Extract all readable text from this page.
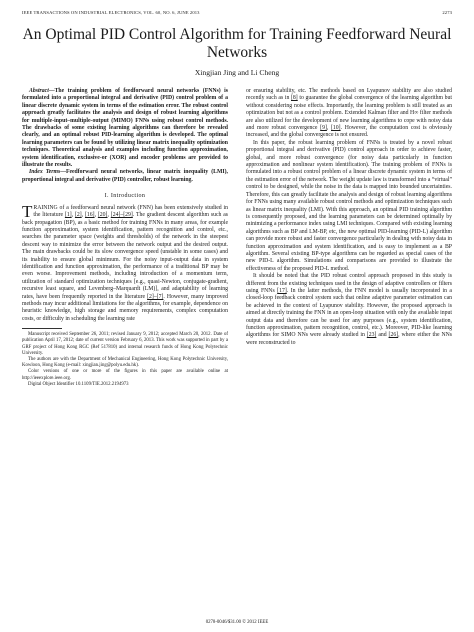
IEEE TRANSACTIONS ON INDUSTRIAL ELECTRONICS, VOL. 60, NO. 6, JUNE 2013	2273
An Optimal PID Control Algorithm for Training Feedforward Neural Networks
Xingjian Jing and Li Cheng

Abstract—The training problem of feedforward neural networks (FNNs) is formulated into a proportional integral and derivative (PID) control problem of a linear discrete dynamic system in terms of the estimation error. The robust control approach greatly facilitates the analysis and design of robust learning algorithms for multiple-input–multiple-output (MIMO) FNNs using robust control methods. The drawbacks of some existing learning algorithms can therefore be revealed clearly, and an optimal robust PID-learning algorithm is developed. The optimal learning parameters can be found by utilizing linear matrix inequality optimization techniques. Theoretical analysis and examples including function approximation, system identification, exclusive-or (XOR) and encoder problems are provided to illustrate the results.

Index Terms—Feedforward neural networks, linear matrix inequality (LMI), proportional integral and derivative (PID) controller, robust learning.

I. Introduction

TRAINING of a feedforward neural network (FNN) has been extensively studied in the literature [1], [2], [16], [20], [24]–[29]. The gradient descent algorithm such as back propagation (BP), as a basic method for training FNNs in many areas, for example function approximation, system identification, pattern recognition and control, etc., searches the parameter space (weights and thresholds) of the network in the steepest descent way to minimize the error between the network output and the desired output. The main drawbacks could be its slow convergence speed (unstable in some cases) and its inability to ensure global minimum. For the noisy input-output data in system identification and function approximation, the performance of a traditional BP may be even worse. Improvement methods, including introduction of a momentum term, utilization of standard optimization techniques [e.g., quasi-Newton, conjugate-gradient, recursive least square, and Levenberg–Marquardt (LM)], and adaptability of learning rates, have been frequently reported in the literature [2]–[7]. However, many improved methods may incur additional limitations for the algorithms, for example, dependence on heuristic knowledge, high storage and memory requirements, complex computation costs, or difficulty in scheduling the learning rate

Manuscript received September 26, 2011; revised January 9, 2012; accepted March 20, 2012. Date of publication April 17, 2012; date of current version February 6, 2013. This work was supported in part by a GRF project of Hong Kong RGC (Ref 517810) and internal research funds of Hong Kong Polytechnic University.

The authors are with the Department of Mechanical Engineering, Hong Kong Polytechnic University, Kowloon, Hong Kong (e-mail: xingjian.jing@polyu.edu.hk).

Color versions of one or more of the figures in this paper are available online at http://ieeexplore.ieee.org.

Digital Object Identifier 10.1109/TIE.2012.2194973

or ensuring stability, etc. The methods based on Lyapunov stability are also studied recently such as in [8] to guarantee the global convergence of the learning algorithm but without considering noise effects. Importantly, the learning problem is still treated as an optimization but not as a control problem. Extended Kalman filter and H∞ filter methods are also utilized for the development of new learning algorithms to cope with noisy data and more robust convergence [9], [10]. However, the computation cost is obviously increased, and the global convergence is not ensured.

In this paper, the robust learning problem of FNNs is treated by a novel robust proportional integral and derivative (PID) control approach in order to achieve faster, global, and more robust convergence (for noisy data particularly in function approximation and nonlinear system identification). The training problem of FNNs is formulated into a robust control problem of a linear discrete dynamic system in terms of the estimation error of the network. The weight update law is transformed into a “virtual” control to be designed, while the noise in the data is mapped into bounded uncertainties. Therefore, this can greatly facilitate the analysis and design of robust learning algorithms for FNNs using many available robust control methods and optimization techniques such as linear matrix inequality (LMI). With this approach, an optimal PID training algorithm is consequently proposed, and the learning parameters can be determined optimally by minimizing a performance index using LMI techniques. Compared with existing learning algorithms such as BP and LM-BP, etc, the new optimal PID-learning (PID-L) algorithm can provide more robust and faster convergence particularly in dealing with noisy data in function approximation and system identification, and is easy to implement as a BP algorithm. Several existing BP-type algorithms can be regarded as special cases of the new PID-L algorithm. Simulations and comparisons are provided to illustrate the effectiveness of the proposed PID-L method.

It should be noted that the PID robust control approach proposed in this study is different from the existing techniques used in the design of adaptive controllers or filters using FNNs [17]. In the latter methods, the FNN model is usually incorporated in a closed-loop feedback control system such that online adaptive parameter estimation can be achieved in the context of Lyapunov stability. However, the proposed approach is aimed at directly training the FNN in an open-loop situation with only the available input output data and therefore can be used for any purposes (e.g., system identification, function approximation, pattern recognition, control, etc.). Moreover, PID-like learning algorithms for SIMO NNs were already studied in [23] and [26], where either the NNs were reconstructed to

0278-0046/$31.00 © 2012 IEEE
